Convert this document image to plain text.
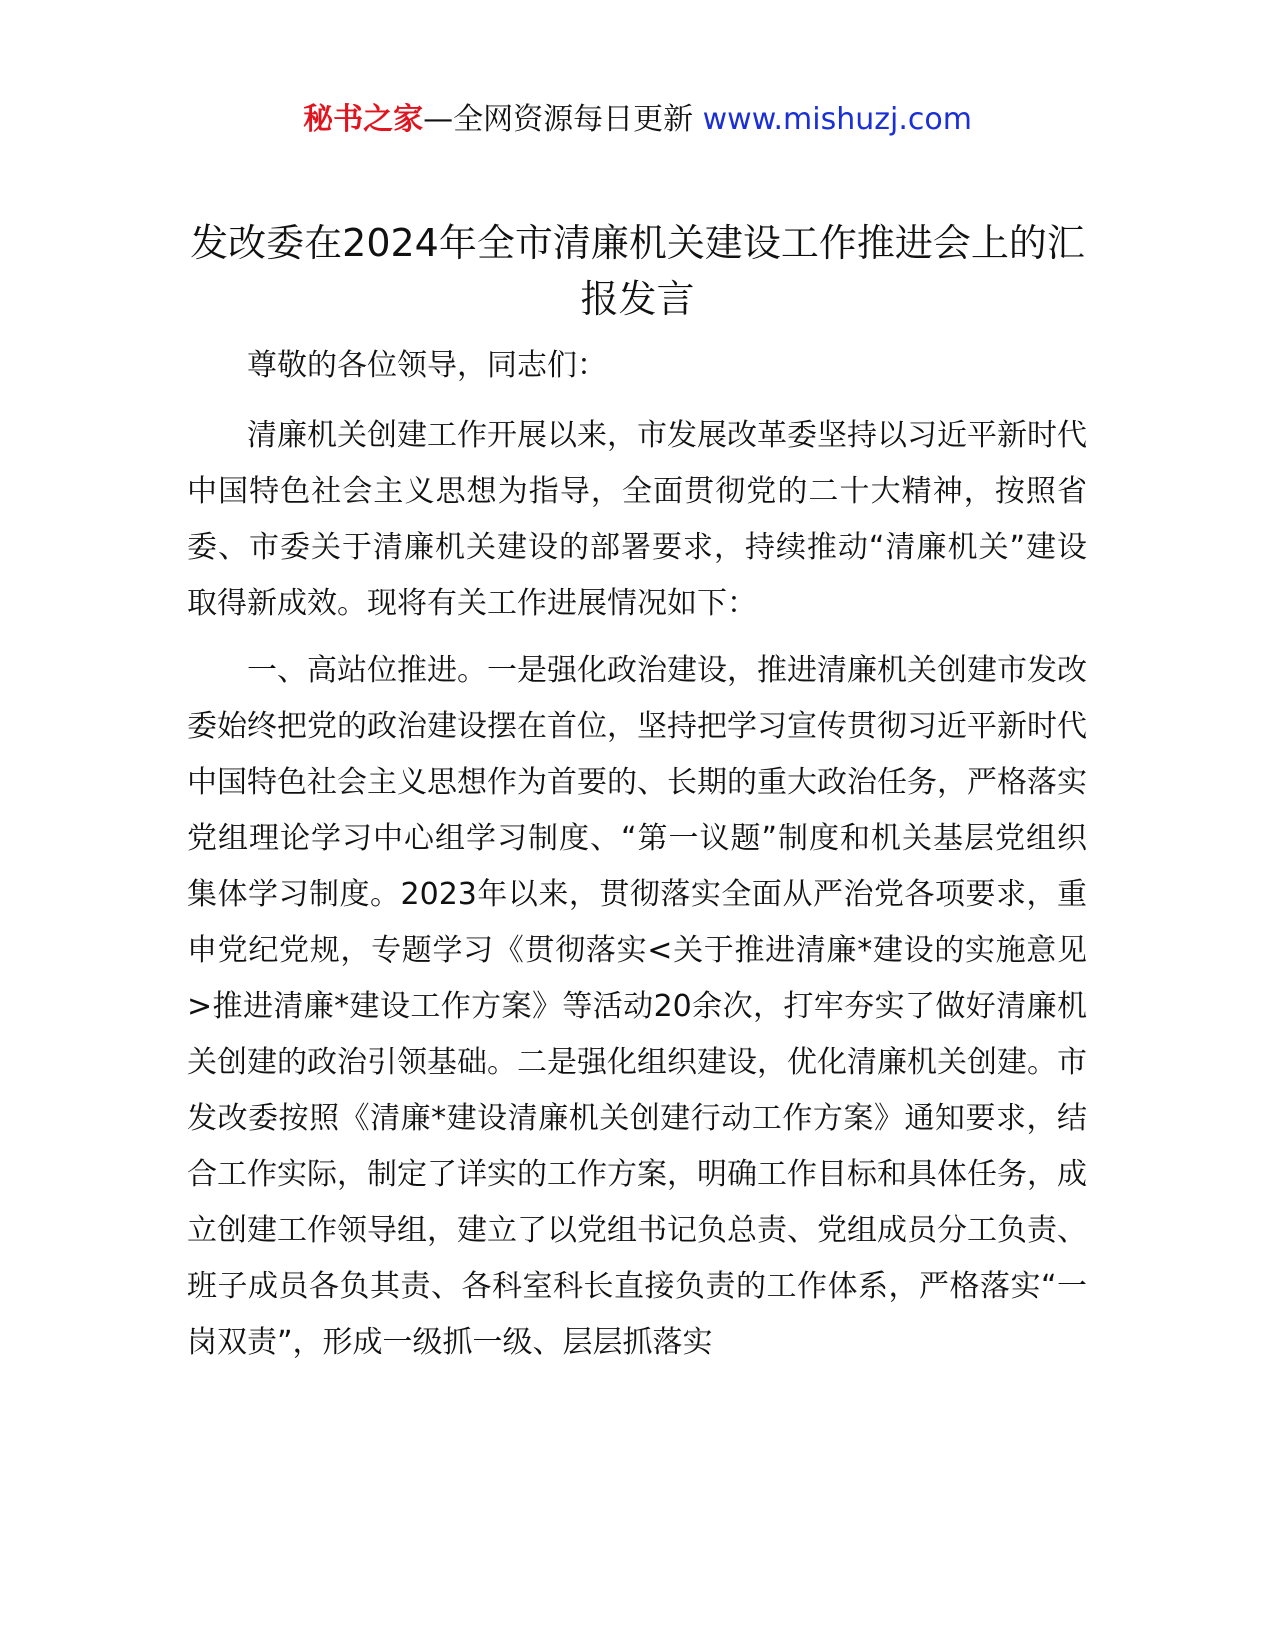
秘书之家—全网资源每日更新 www.mishuzj.com
发改委在2024年全市清廉机关建设工作推进会上的汇报发言

尊敬的各位领导，同志们：

清廉机关创建工作开展以来，市发展改革委坚持以习近平新时代中国特色社会主义思想为指导，全面贯彻党的二十大精神，按照省委、市委关于清廉机关建设的部署要求，持续推动“清廉机关”建设取得新成效。现将有关工作进展情况如下：

一、高站位推进。一是强化政治建设，推进清廉机关创建市发改委始终把党的政治建设摆在首位，坚持把学习宣传贯彻习近平新时代中国特色社会主义思想作为首要的、长期的重大政治任务，严格落实党组理论学习中心组学习制度、“第一议题”制度和机关基层党组织集体学习制度。2023年以来，贯彻落实全面从严治党各项要求，重申党纪党规，专题学习《贯彻落实<关于推进清廉*建设的实施意见>推进清廉*建设工作方案》等活动20余次，打牢夯实了做好清廉机关创建的政治引领基础。二是强化组织建设，优化清廉机关创建。市发改委按照《清廉*建设清廉机关创建行动工作方案》通知要求，结合工作实际，制定了详实的工作方案，明确工作目标和具体任务，成立创建工作领导组，建立了以党组书记负总责、党组成员分工负责、班子成员各负其责、各科室科长直接负责的工作体系，严格落实“一岗双责”，形成一级抓一级、层层抓落实
